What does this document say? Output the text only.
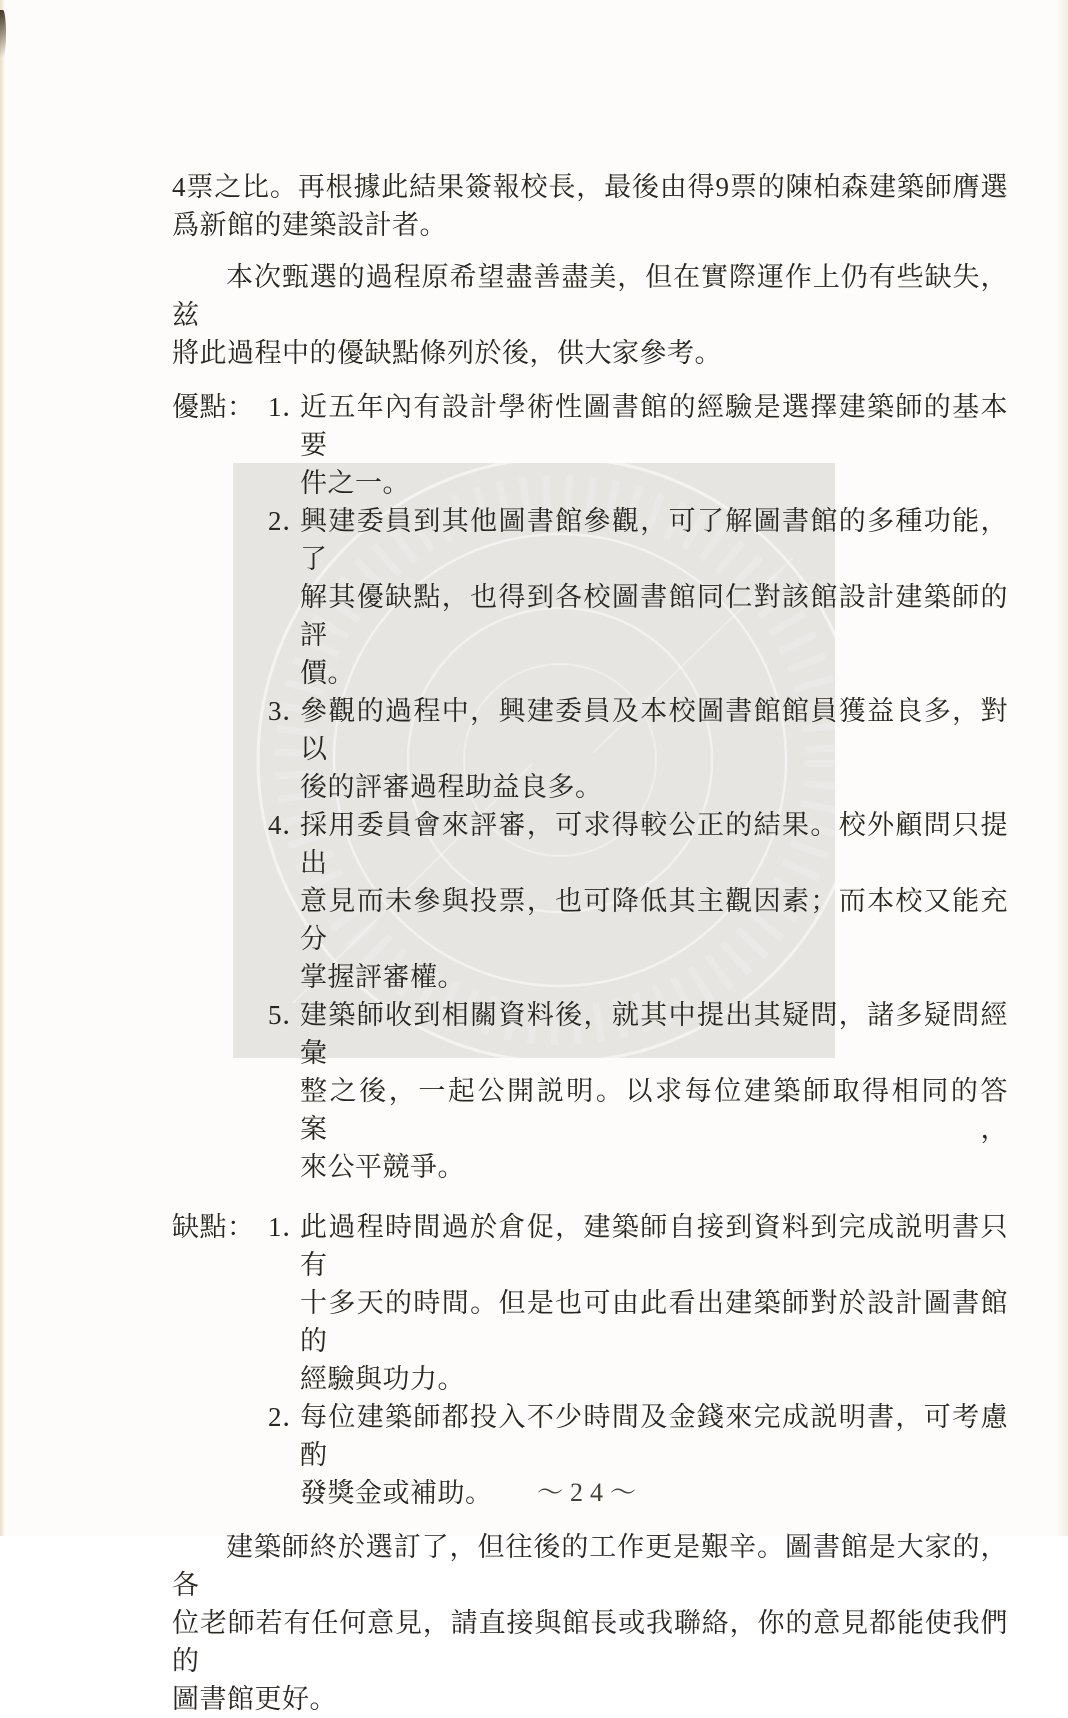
4票之比。再根據此結果簽報校長，最後由得9票的陳柏森建築師膺選
爲新館的建築設計者。
本次甄選的過程原希望盡善盡美，但在實際運作上仍有些缺失，兹
將此過程中的優缺點條列於後，供大家參考。
優點： 1．
近五年內有設計學術性圖書館的經驗是選擇建築師的基本要
件之一。
2．
興建委員到其他圖書館參觀，可了解圖書館的多種功能，了
解其優缺點，也得到各校圖書館同仁對該館設計建築師的評
價。
3．
參觀的過程中，興建委員及本校圖書館館員獲益良多，對以
後的評審過程助益良多。
4．
採用委員會來評審，可求得較公正的結果。校外顧問只提出
意見而未參與投票，也可降低其主觀因素；而本校又能充分
掌握評審權。
5．
建築師收到相關資料後，就其中提出其疑問，諸多疑問經彙
整之後，一起公開説明。以求每位建築師取得相同的答案，
來公平競爭。
缺點： 1．
此過程時間過於倉促，建築師自接到資料到完成説明書只有
十多天的時間。但是也可由此看出建築師對於設計圖書館的
經驗與功力。
2．
每位建築師都投入不少時間及金錢來完成説明書，可考慮酌
發獎金或補助。
建築師終於選訂了，但往後的工作更是艱辛。圖書館是大家的，各
位老師若有任何意見，請直接與館長或我聯絡，你的意見都能使我們的
圖書館更好。
～24～
